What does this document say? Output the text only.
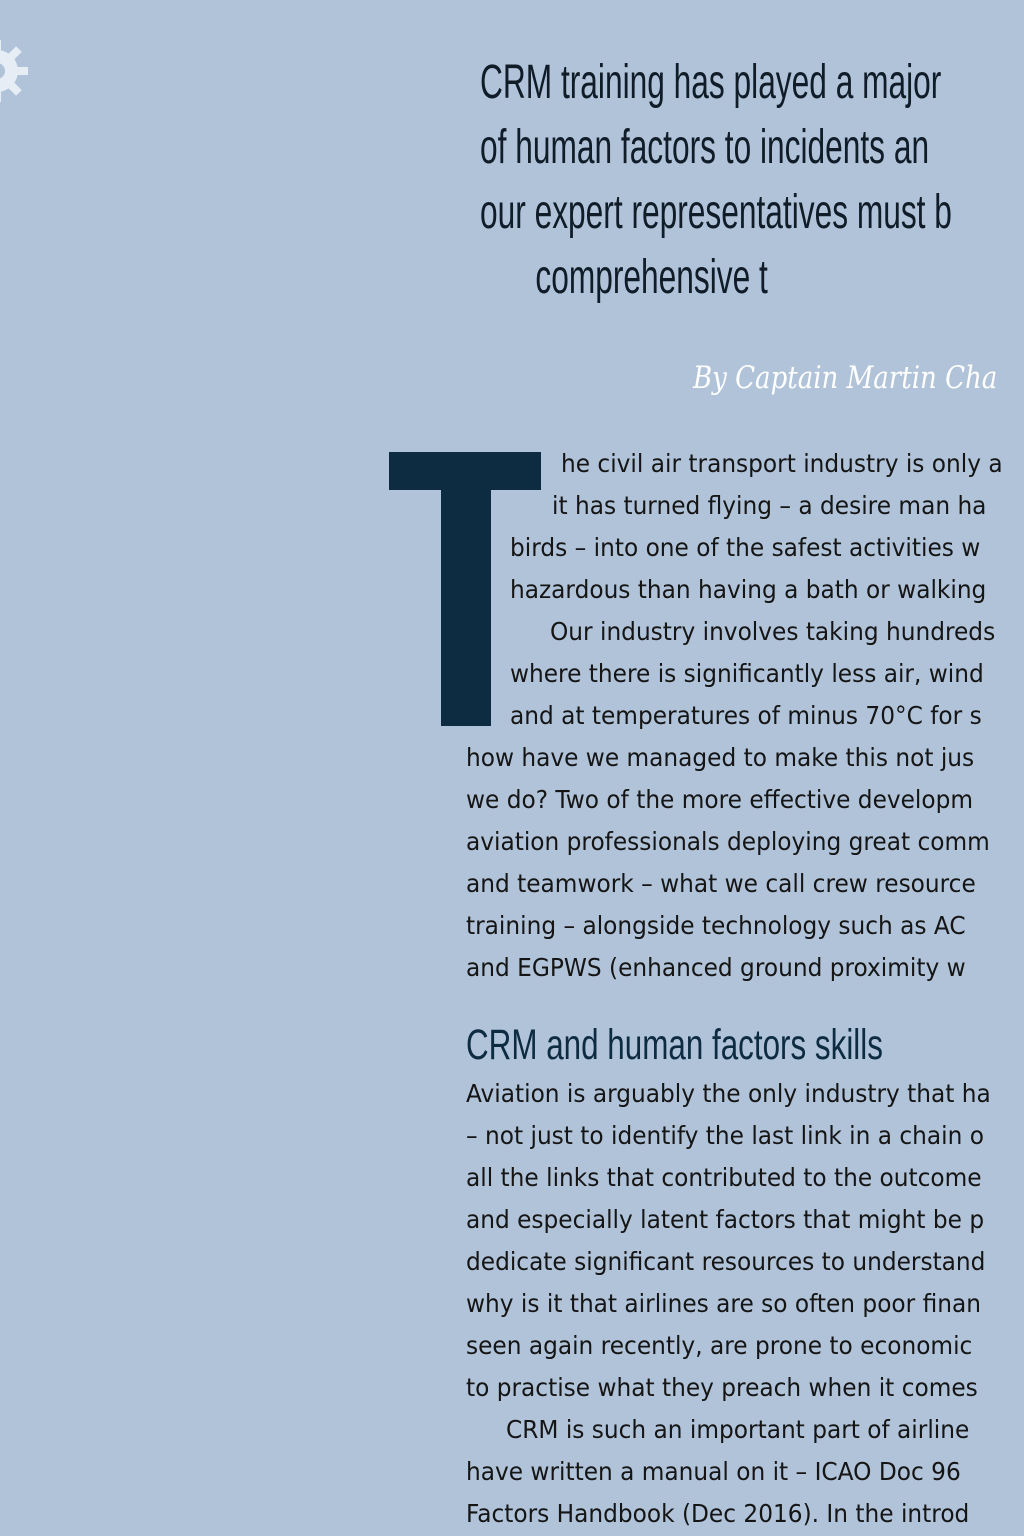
CRM training has played a major
of human factors to incidents an
our expert representatives must b
comprehensive t
By Captain Martin Cha
he civil air transport industry is only a
it has turned flying – a desire man ha
birds – into one of the safest activities w
hazardous than having a bath or walking
Our industry involves taking hundreds
where there is significantly less air, wind
and at temperatures of minus 70°C for s
how have we managed to make this not jus
we do? Two of the more effective developm
aviation professionals deploying great comm
and teamwork – what we call crew resource
training – alongside technology such as AC
and EGPWS (enhanced ground proximity w
CRM and human factors skills
Aviation is arguably the only industry that ha
– not just to identify the last link in a chain o
all the links that contributed to the outcome
and especially latent factors that might be p
dedicate significant resources to understand
why is it that airlines are so often poor finan
seen again recently, are prone to economic
to practise what they preach when it comes
CRM is such an important part of airline
have written a manual on it – ICAO Doc 96
Factors Handbook (Dec 2016). In the introd
